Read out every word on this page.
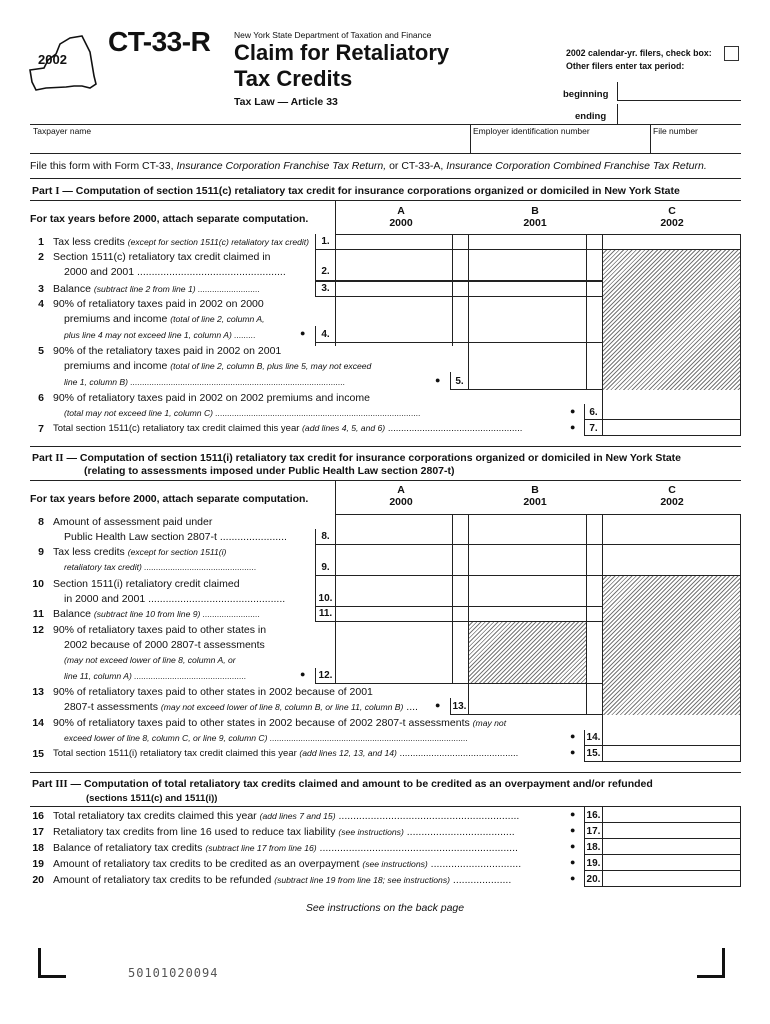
2002
CT-33-R	New York State Department of Taxation and Finance
Claim for Retaliatory
Tax Credits
Tax Law — Article 33
2002 calendar-yr. filers, check box:
Other filers enter tax period:
beginning
ending
Taxpayer name	Employer identification number	File number
File this form with Form CT-33, Insurance Corporation Franchise Tax Return, or CT-33-A, Insurance Corporation Combined Franchise Tax Return.
Part I — Computation of section 1511(c) retaliatory tax credit for insurance corporations organized or domiciled in New York State
For tax years before 2000, attach separate computation.
A
2000
B
2001
C
2002
1 Tax less credits (except for section 1511(c) retaliatory tax credit)	1.
2 Section 1511(c) retaliatory tax credit claimed in
2000 and 2001 ...................................................	2.
3 Balance (subtract line 2 from line 1) ..........................	3.
4 90% of retaliatory taxes paid in 2002 on 2000
premiums and income (total of line 2, column A,
plus line 4 may not exceed line 1, column A) .........	●	4.
5 90% of the retaliatory taxes paid in 2002 on 2001
premiums and income (total of line 2, column B, plus line 5, may not exceed
line 1, column B) ..........................................................................................	●	5.
6 90% of retaliatory taxes paid in 2002 on 2002 premiums and income
(total may not exceed line 1, column C) ......................................................................................	●	6.
7 Total section 1511(c) retaliatory tax credit claimed this year (add lines 4, 5, and 6) ...................................................	●	7.
Part II — Computation of section 1511(i) retaliatory tax credit for insurance corporations organized or domiciled in New York State
(relating to assessments imposed under Public Health Law section 2807-t)
For tax years before 2000, attach separate computation.
A
2000
B
2001
C
2002
8 Amount of assessment paid under
Public Health Law section 2807-t .......................	8.
9 Tax less credits (except for section 1511(i)
retaliatory tax credit) ...............................................	9.
10 Section 1511(i) retaliatory credit claimed
in 2000 and 2001 ...............................................	10.
11 Balance (subtract line 10 from line 9) ........................	11.
12 90% of retaliatory taxes paid to other states in
2002 because of 2000 2807-t assessments
(may not exceed lower of line 8, column A, or
line 11, column A) ...............................................	● 12.
13 90% of retaliatory taxes paid to other states in 2002 because of 2001
2807-t assessments (may not exceed lower of line 8, column B, or line 11, column B) .... ● 13.
14 90% of retaliatory taxes paid to other states in 2002 because of 2002 2807-t assessments (may not
exceed lower of line 8, column C, or line 9, column C) ...................................................................................	● 14.
15 Total section 1511(i) retaliatory tax credit claimed this year (add lines 12, 13, and 14) .............................................	● 15.
Part III — Computation of total retaliatory tax credits claimed and amount to be credited as an overpayment and/or refunded
(sections 1511(c) and 1511(i))
16 Total retaliatory tax credits claimed this year (add lines 7 and 15) ..............................................................	● 16.
17 Retaliatory tax credits from line 16 used to reduce tax liability (see instructions) .....................................	● 17.
18 Balance of retaliatory tax credits (subtract line 17 from line 16) ....................................................................	● 18.
19 Amount of retaliatory tax credits to be credited as an overpayment (see instructions) ...............................	● 19.
20 Amount of retaliatory tax credits to be refunded (subtract line 19 from line 18; see instructions) ....................	● 20.
See instructions on the back page
50101020094
